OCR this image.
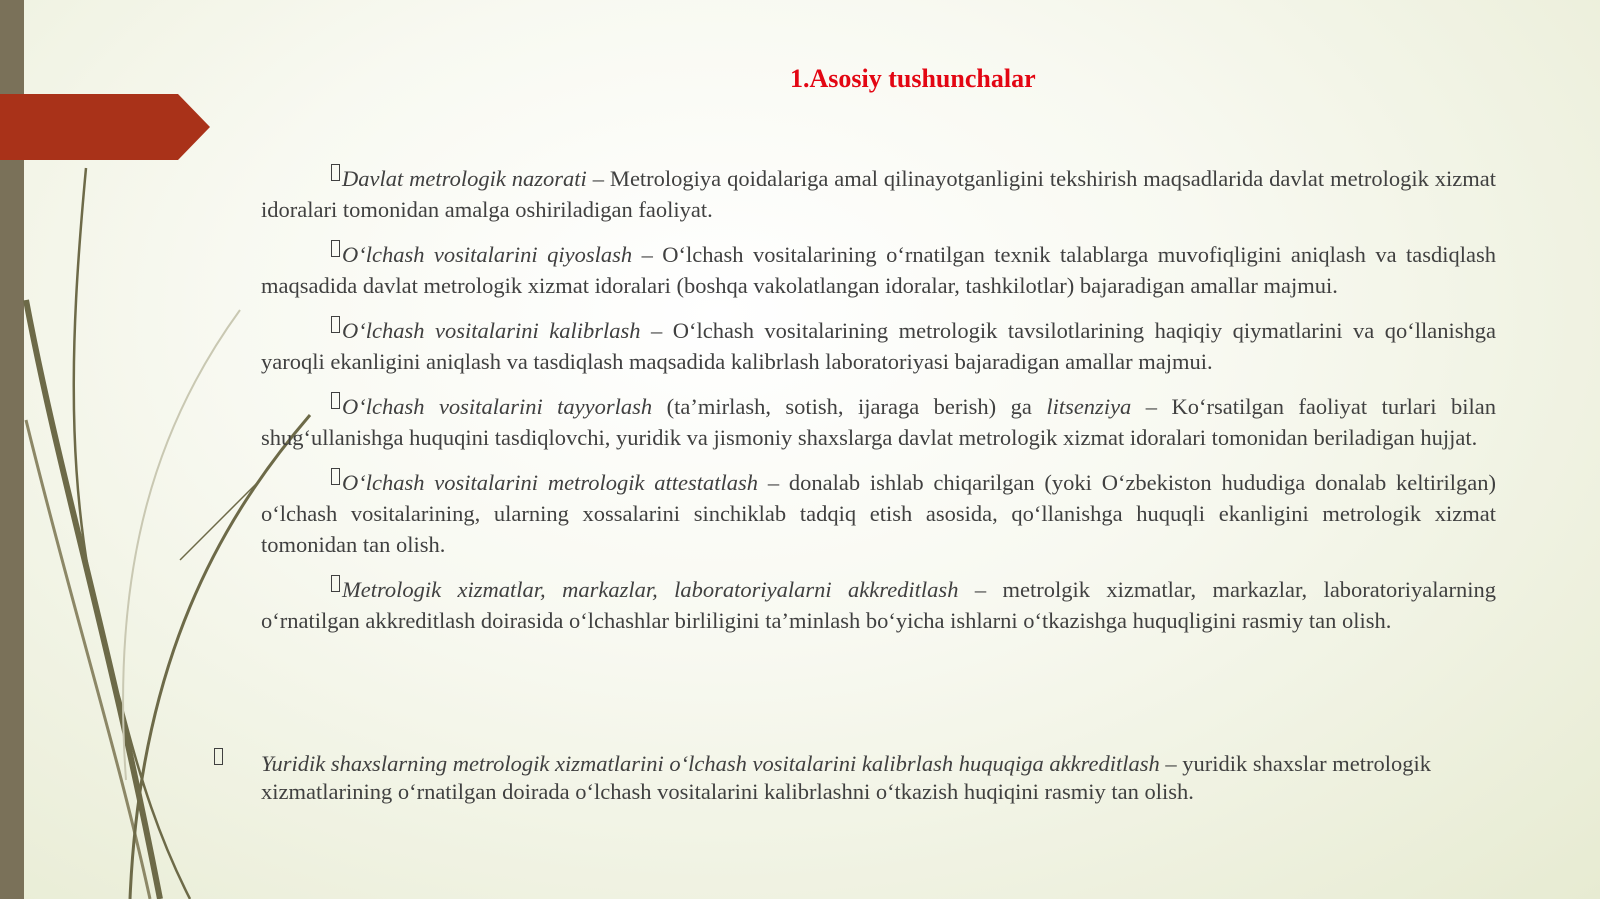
1.Asosiy tushunchalar

Davlat metrologik nazorati – Metrologiya qoidalariga amal qilinayotganligini tekshirish maqsadlarida davlat metrologik xizmat idoralari tomonidan amalga oshiriladigan faoliyat.

O‘lchash vositalarini qiyoslash – O‘lchash vositalarining o‘rnatilgan texnik talablarga muvofiqligini aniqlash va tasdiqlash maqsadida davlat metrologik xizmat idoralari (boshqa vakolatlangan idoralar, tashkilotlar) bajaradigan amallar majmui.

O‘lchash vositalarini kalibrlash – O‘lchash vositalarining metrologik tavsilotlarining haqiqiy qiymatlarini va qo‘llanishga yaroqli ekanligini aniqlash va tasdiqlash maqsadida kalibrlash laboratoriyasi bajaradigan amallar majmui.

O‘lchash vositalarini tayyorlash (ta’mirlash, sotish, ijaraga berish) ga litsenziya – Ko‘rsatilgan faoliyat turlari bilan shug‘ullanishga huquqini tasdiqlovchi, yuridik va jismoniy shaxslarga davlat metrologik xizmat idoralari tomonidan beriladigan hujjat.

O‘lchash vositalarini metrologik attestatlash – donalab ishlab chiqarilgan (yoki O‘zbekiston hududiga donalab keltirilgan) o‘lchash vositalarining, ularning xossalarini sinchiklab tadqiq etish asosida, qo‘llanishga huquqli ekanligini metrologik xizmat tomonidan tan olish.

Metrologik xizmatlar, markazlar, laboratoriyalarni akkreditlash – metrolgik xizmatlar, markazlar, laboratoriyalarning o‘rnatilgan akkreditlash doirasida o‘lchashlar birliligini ta’minlash bo‘yicha ishlarni o‘tkazishga huquqligini rasmiy tan olish.

Yuridik shaxslarning metrologik xizmatlarini o‘lchash vositalarini kalibrlash huquqiga akkreditlash – yuridik shaxslar metrologik xizmatlarining o‘rnatilgan doirada o‘lchash vositalarini kalibrlashni o‘tkazish huqiqini rasmiy tan olish.
